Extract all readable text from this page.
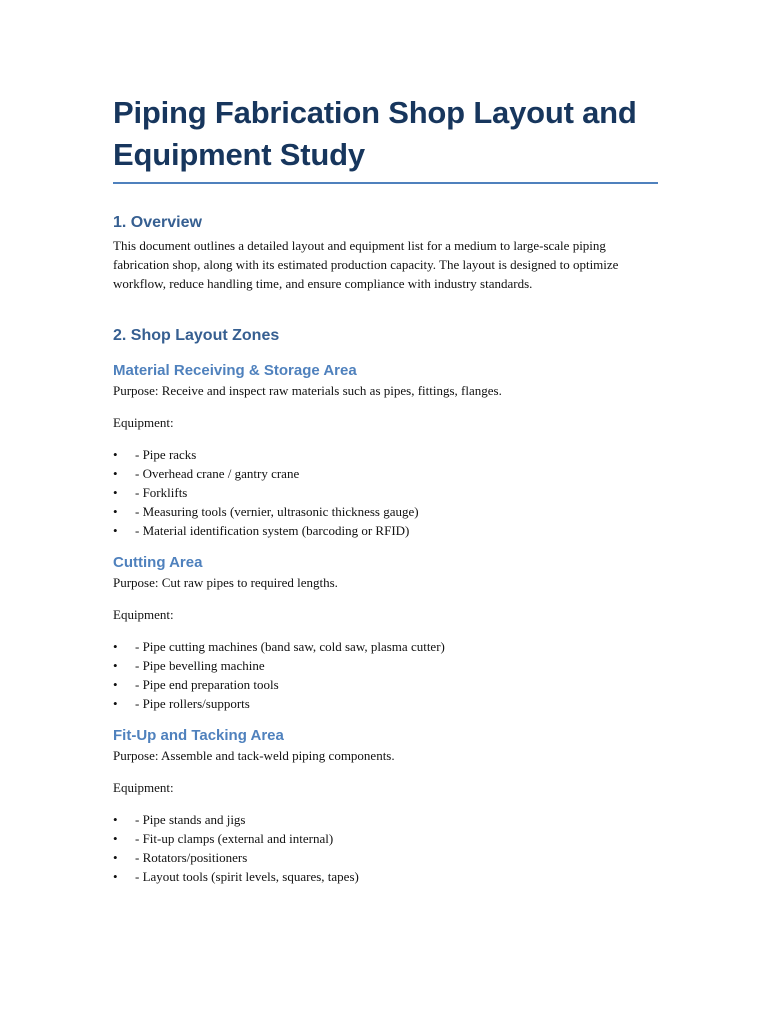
Piping Fabrication Shop Layout and Equipment Study
1. Overview

This document outlines a detailed layout and equipment list for a medium to large-scale piping fabrication shop, along with its estimated production capacity. The layout is designed to optimize workflow, reduce handling time, and ensure compliance with industry standards.

2. Shop Layout Zones
Material Receiving & Storage Area

Purpose: Receive and inspect raw materials such as pipes, fittings, flanges.

Equipment:

• - Pipe racks
• - Overhead crane / gantry crane
• - Forklifts
• - Measuring tools (vernier, ultrasonic thickness gauge)
• - Material identification system (barcoding or RFID)
Cutting Area

Purpose: Cut raw pipes to required lengths.

Equipment:

• - Pipe cutting machines (band saw, cold saw, plasma cutter)
• - Pipe bevelling machine
• - Pipe end preparation tools
• - Pipe rollers/supports
Fit-Up and Tacking Area

Purpose: Assemble and tack-weld piping components.

Equipment:

• - Pipe stands and jigs
• - Fit-up clamps (external and internal)
• - Rotators/positioners
• - Layout tools (spirit levels, squares, tapes)
